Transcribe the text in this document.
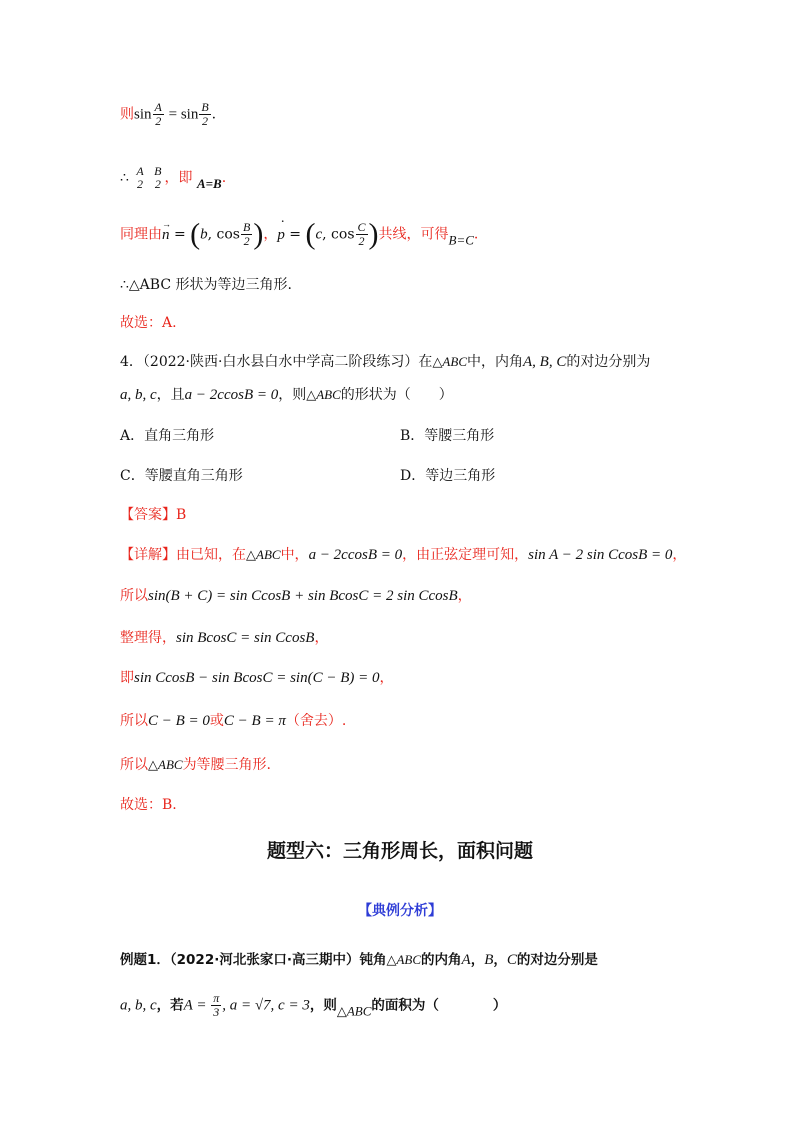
则$\sin \frac{A}{2} = \sin \frac{B}{2}$ .
∴ A
2

B
2 ，即 A=B.
同理由→ n = (b, $\cos \frac{B}{2}$ )，· p = (c, $\cos \frac{C}{2}$ )共线，可得B=C.
∴△ABC 形状为等边三角形.
故选：A.
4．（2022·陕西·白水县白水中学高二阶段练习）在△ABC中，内角A, B, C的对边分别为
a, b, c，且a − 2ccosB = 0，则△ABC的形状为（　　）
A．直角三角形	B．等腰三角形
C．等腰直角三角形	D．等边三角形
【答案】B
【详解】由已知，在△ABC中，a − 2ccosB = 0，由正弦定理可知，sin A − 2 sin CcosB = 0，
所以sin(B + C) = sin CcosB + sin BcosC = 2 sin CcosB，
整理得，sin BcosC = sin CcosB，
即sin CcosB − sin BcosC = sin(C − B) = 0，
所以C − B = 0或C − B = π（舍去）.
所以△ABC为等腰三角形.
故选：B.
题型六：三角形周长，面积问题
【典例分析】
例题1．（2022·河北张家口·高三期中）钝角△ABC的内角A，B，C的对边分别是
a, b, c，若$A = \frac{\pi}{3}$ , a = √7, c = 3，则△ABC的面积为（　　　　）
